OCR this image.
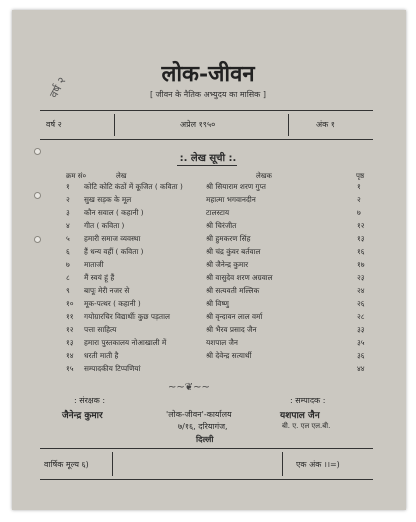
वर्ष २
लोक-जीवन
[ जीवन के नैतिक अभ्युदय का मासिक ]
वर्ष २	अप्रेल १९५०	अंक १
:. लेख सूची :.
क्रम सं०	लेख	लेखक	पृष्ठ
१ कोटि कोटि कंठों में कूजित ( कविता )	श्री सियाराम शरण गुप्त	१
२ सुख सड़क के मूल	महात्मा भगवानदीन	२
३ कौन सवाल ( कहानी )	टालस्टाय	७
४ गीत ( कविता )	श्री चिरंजीत	१२
५ हमारी समाज व्यवस्था	श्री हुमकरण सिंह	१३
६ हैं धन्य वहीं ( कविता )	श्री चंद्र कुंवर बर्तवाल	१६
७ माताजी	श्री जैनेन्द्र कुमार	१७
८ मैं स्वयं हूं हैं	श्री वासुदेव शरण अग्रवाल	२३
९ बापूः मेरी नजर से	श्री सत्यवती मल्लिक	२४
१० मूक-पत्थर ( कहानी )	श्री विष्णु	२६
११ गयोग्रारचिर विद्यार्थीः कुछ पड़ताल	श्री वृन्दावन लाल वर्मा	२८
१२ पत्ता साहित्य	श्री भैरव प्रसाद जैन	३३
१३ हमारा पुस्तकालय नोआखाली में	यशपाल जैन	३५
१४ धरती माती है	श्री देवेन्द्र सत्यार्थी	३६
१५ सम्पादकीय टिप्पणियां	४४
~~❦~~
: संरक्षक :
जैनेन्द्र कुमार	'लोक-जीवन'-कार्यालय
७/१६, दरियागंज,
दिल्ली
: सम्पादक :
यशपाल जैन
बी. ए. एल एल.बी.
वार्षिक मूल्य ६)	एक अंक ।।=)
